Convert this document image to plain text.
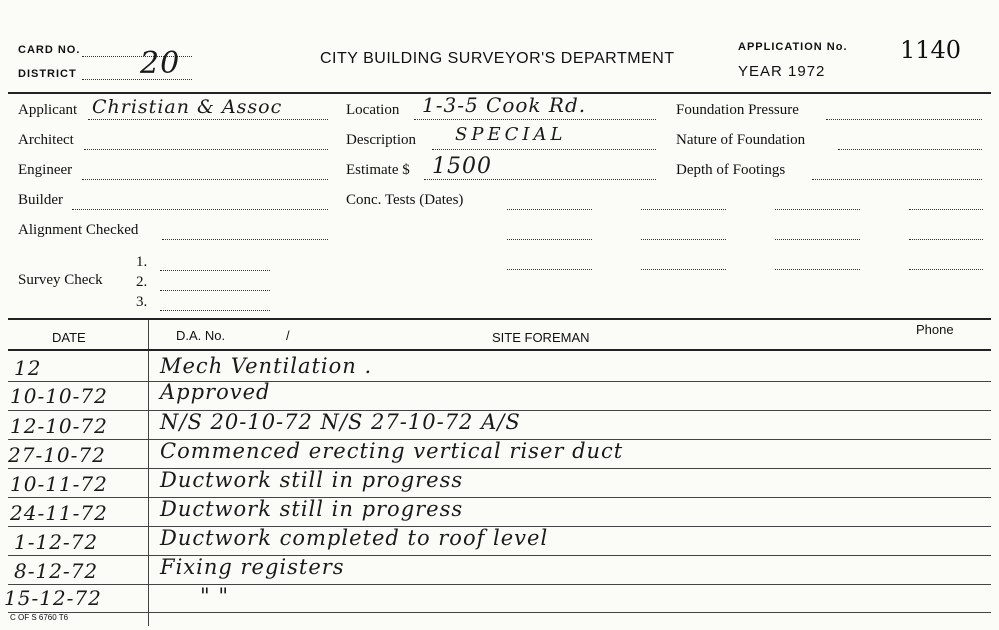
CARD NO.
DISTRICT 20	CITY BUILDING SURVEYOR'S DEPARTMENT
APPLICATION No. 1140
YEAR 1972
Applicant Christian & Assoc
Architect
Engineer
Builder
Alignment Checked
Survey Check
1.
2.
3.
Location 1-3-5 Cook Rd.
Description SPECIAL
Estimate $ 1500
Conc. Tests (Dates)
Foundation Pressure
Nature of Foundation
Depth of Footings
DATE	D.A. No.	/	SITE FOREMAN
Phone
12	Mech Ventilation .
10-10-72 Approved
12-10-72 N/S 20-10-72 N/S 27-10-72 A/S
27-10-72	Commenced erecting vertical riser duct
10-11-72 Ductwork still in progress
24-11-72 Ductwork still in progress
1-12-72	Ductwork completed to roof level
8-12-72	Fixing registers
15-12-72	" "
C OF S 6760 T6
